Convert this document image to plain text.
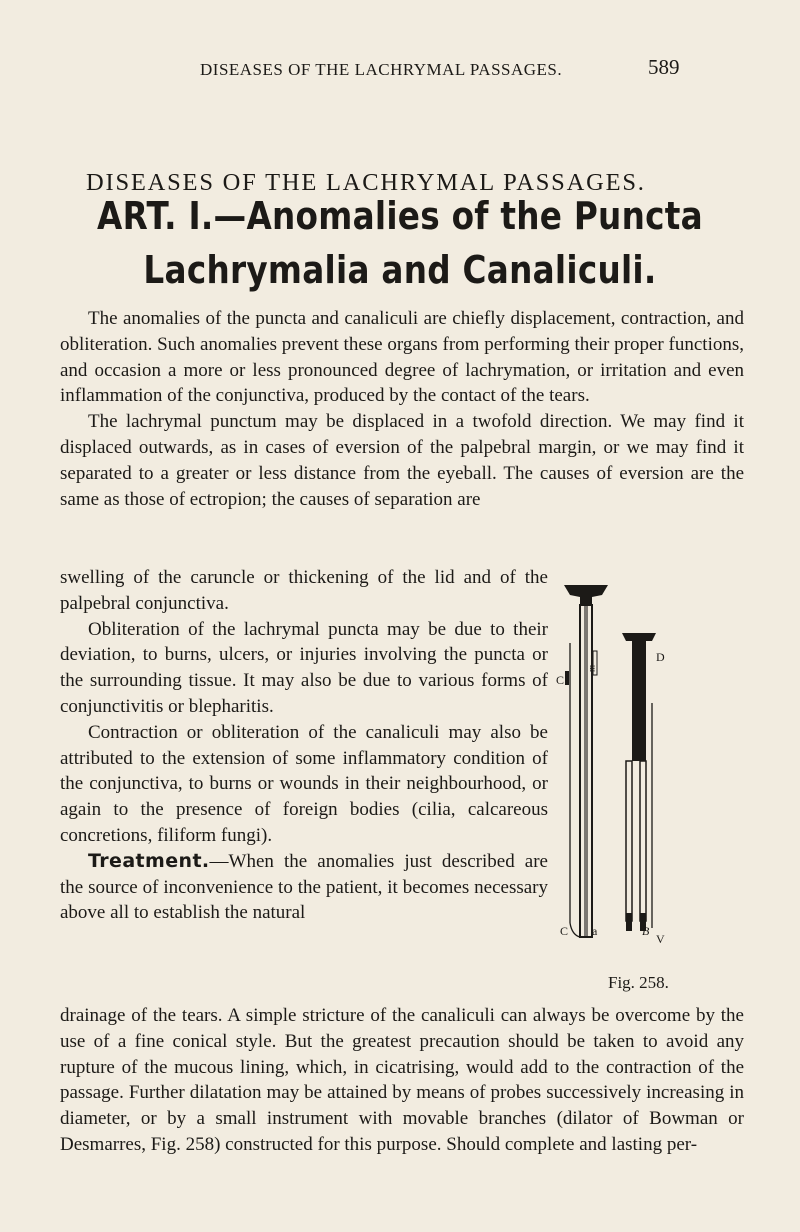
DISEASES OF THE LACHRYMAL PASSAGES.	589
DISEASES OF THE LACHRYMAL PASSAGES.
ART. I.—Anomalies of the Puncta
Lachrymalia and Canaliculi.

The anomalies of the puncta and canaliculi are chiefly displacement, contraction, and obliteration. Such anomalies prevent these organs from performing their proper functions, and occasion a more or less pronounced degree of lachrymation, or irritation and even inflammation of the conjunctiva, produced by the contact of the tears.

The lachrymal punctum may be displaced in a twofold direction. We may find it displaced outwards, as in cases of eversion of the palpebral margin, or we may find it separated to a greater or less distance from the eyeball. The causes of eversion are the same as those of ectropion; the causes of separation are

swelling of the caruncle or thickening of the lid and of the palpebral conjunctiva.

Obliteration of the lachrymal puncta may be due to their deviation, to burns, ulcers, or injuries involving the puncta or the surrounding tissue. It may also be due to various forms of conjunctivitis or blepharitis.

Contraction or obliteration of the canaliculi may also be attributed to the extension of some inflammatory condition of the conjunctiva, to burns or wounds in their neighbourhood, or again to the presence of foreign bodies (cilia, calcareous concretions, filiform fungi).

Treatment.—When the anomalies just described are the source of inconvenience to the patient, it becomes necessary above all to establish the natural

drainage of the tears. A simple stricture of the canaliculi can always be overcome by the use of a fine conical style. But the greatest precaution should be taken to avoid any rupture of the mucous lining, which, in cicatrising, would add to the contraction of the passage. Further dilatation may be attained by means of probes successively increasing in diameter, or by a small instrument with movable branches (dilator of Bowman or Desmarres, Fig. 258) constructed for this purpose. Should complete and lasting per-

ш
C
C a	B
D
V
Fig. 258.
